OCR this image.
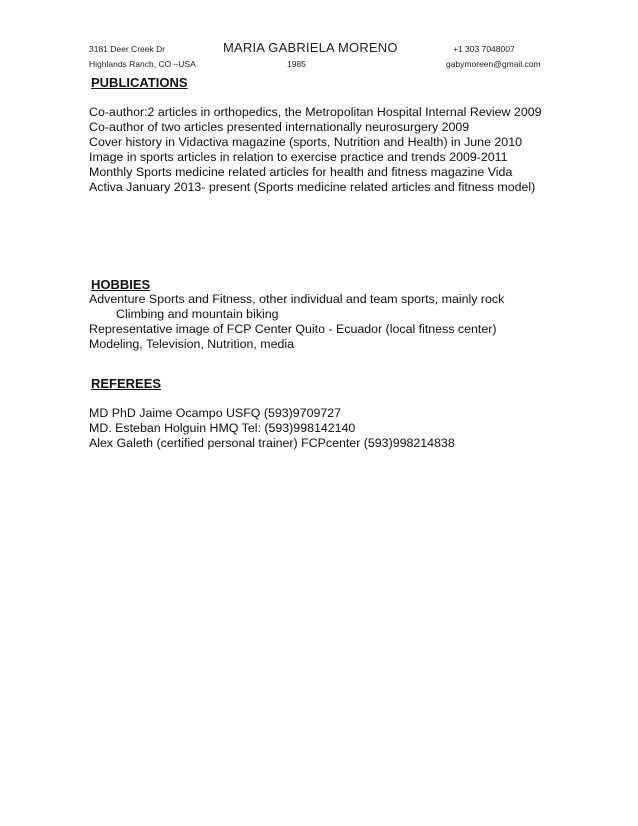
3181 Deer Creek Dr
Highlands Ranch, CO –USA
MARIA GABRIELA MORENO
1985
+1 303 7048007
gabymoreen@gmail.com
PUBLICATIONS
Co-author:2 articles in orthopedics, the Metropolitan Hospital Internal Review 2009
Co-author of two articles presented internationally neurosurgery 2009
Cover history in Vidactiva magazine (sports, Nutrition and Health) in June 2010
Image in sports articles in relation to exercise practice and trends 2009-2011
Monthly Sports medicine related articles for health and fitness magazine Vida
Activa January 2013- present (Sports medicine related articles and fitness model)
HOBBIES
Adventure Sports and Fitness, other individual and team sports, mainly rock
Climbing and mountain biking
Representative image of FCP Center Quito - Ecuador (local fitness center)
Modeling, Television, Nutrition, media
REFEREES
MD PhD Jaime Ocampo USFQ (593)9709727
MD. Esteban Holguin HMQ Tel: (593)998142140
Alex Galeth (certified personal trainer) FCPcenter (593)998214838
